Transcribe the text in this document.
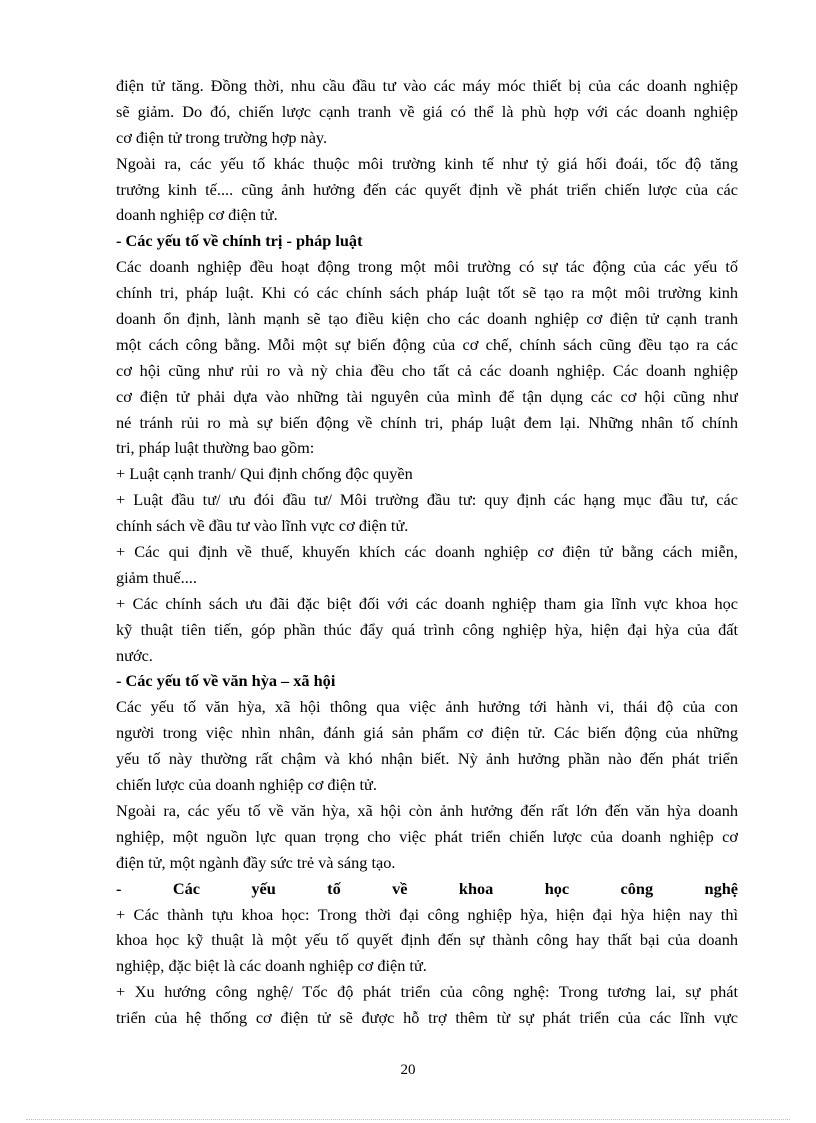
điện tử tăng. Đồng thời, nhu cầu đầu tư vào các máy móc thiết bị của các doanh nghiệp
sẽ giảm. Do đó, chiến lược cạnh tranh về giá có thể là phù hợp với các doanh nghiệp
cơ điện tử trong trường hợp này.
Ngoài ra, các yếu tố khác thuộc môi trường kinh tế như tỷ giá hối đoái, tốc độ tăng
trưởng kinh tế.... cũng ảnh hưởng đến các quyết định về phát triển chiến lược của các
doanh nghiệp cơ điện tử.
- Các yếu tố về chính trị - pháp luật
Các doanh nghiệp đều hoạt động trong một môi trường có sự tác động của các yếu tố
chính tri, pháp luật. Khi có các chính sách pháp luật tốt sẽ tạo ra một môi trường kinh
doanh ổn định, lành mạnh sẽ tạo điều kiện cho các doanh nghiệp cơ điện tử cạnh tranh
một cách công bằng. Mỗi một sự biến động của cơ chế, chính sách cũng đều tạo ra các
cơ hội cũng như rủi ro và nỳ chia đều cho tất cả các doanh nghiệp. Các doanh nghiệp
cơ điện tử phải dựa vào những tài nguyên của mình để tận dụng các cơ hội cũng như
né tránh rủi ro mà sự biến động về chính tri, pháp luật đem lại. Những nhân tố chính
tri, pháp luật thường bao gồm:
+ Luật cạnh tranh/ Qui định chống độc quyền
+ Luật đầu tư/ ưu đói đầu tư/ Môi trường đầu tư: quy định các hạng mục đầu tư, các
chính sách về đầu tư vào lĩnh vực cơ điện tử.
+ Các qui định về thuế, khuyến khích các doanh nghiệp cơ điện tử bằng cách miễn,
giảm thuế....
+ Các chính sách ưu đãi đặc biệt đối với các doanh nghiệp tham gia lĩnh vực khoa học
kỹ thuật tiên tiến, góp phần thúc đẩy quá trình công nghiệp hỳa, hiện đại hỳa của đất
nước.
- Các yếu tố về văn hỳa – xã hội
Các yếu tố văn hỳa, xã hội thông qua việc ảnh hưởng tới hành vi, thái độ của con
người trong việc nhìn nhân, đánh giá sản phẩm cơ điện tử. Các biến động của những
yếu tố này thường rất chậm và khó nhận biết. Nỳ ảnh hưởng phần nào đến phát triển
chiến lược của doanh nghiệp cơ điện tử.
Ngoài ra, các yếu tố về văn hỳa, xã hội còn ảnh hưởng đến rất lớn đến văn hỳa doanh
nghiệp, một nguồn lực quan trọng cho việc phát triển chiến lược của doanh nghiệp cơ
điện tử, một ngành đầy sức trẻ và sáng tạo.
- Các yếu tố về khoa học công nghệ
+ Các thành tựu khoa học: Trong thời đại công nghiệp hỳa, hiện đại hỳa hiện nay thì
khoa học kỹ thuật là một yếu tố quyết định đến sự thành công hay thất bại của doanh
nghiệp, đặc biệt là các doanh nghiệp cơ điện tử.
+ Xu hướng công nghệ/ Tốc độ phát triển của công nghệ: Trong tương lai, sự phát
triển của hệ thống cơ điện tử sẽ được hỗ trợ thêm từ sự phát triển của các lĩnh vực
20
